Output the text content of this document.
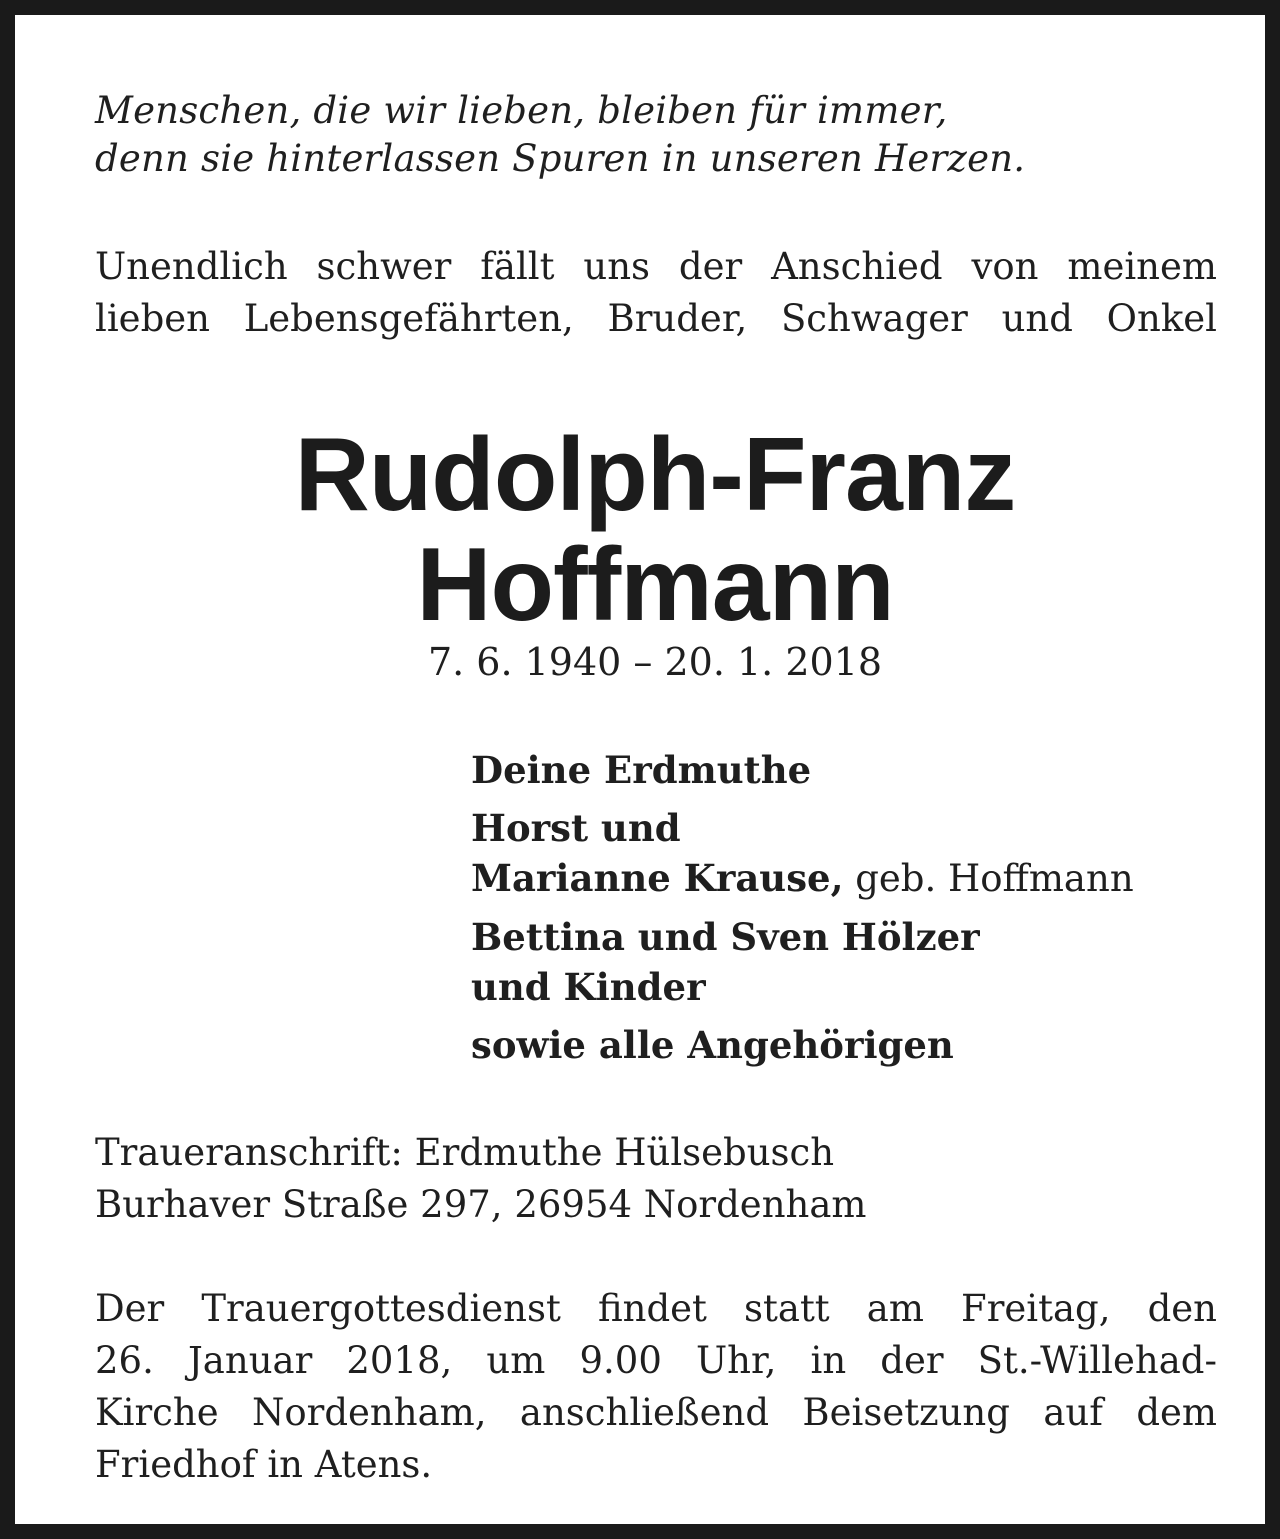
Menschen, die wir lieben, bleiben für immer,
denn sie hinterlassen Spuren in unseren Herzen.
Unendlich schwer fällt uns der Anschied von meinem
lieben Lebensgefährten, Bruder, Schwager und Onkel
Rudolph-Franz
Hoffmann
7. 6. 1940 – 20. 1. 2018
Deine Erdmuthe
Horst und
Marianne Krause, geb. Hoffmann
Bettina und Sven Hölzer
und Kinder
sowie alle Angehörigen
Traueranschrift: Erdmuthe Hülsebusch
Burhaver Straße 297, 26954 Nordenham
Der Trauergottesdienst findet statt am Freitag, den
26. Januar 2018, um 9.00 Uhr, in der St.-Willehad-
Kirche Nordenham, anschließend Beisetzung auf dem
Friedhof in Atens.
